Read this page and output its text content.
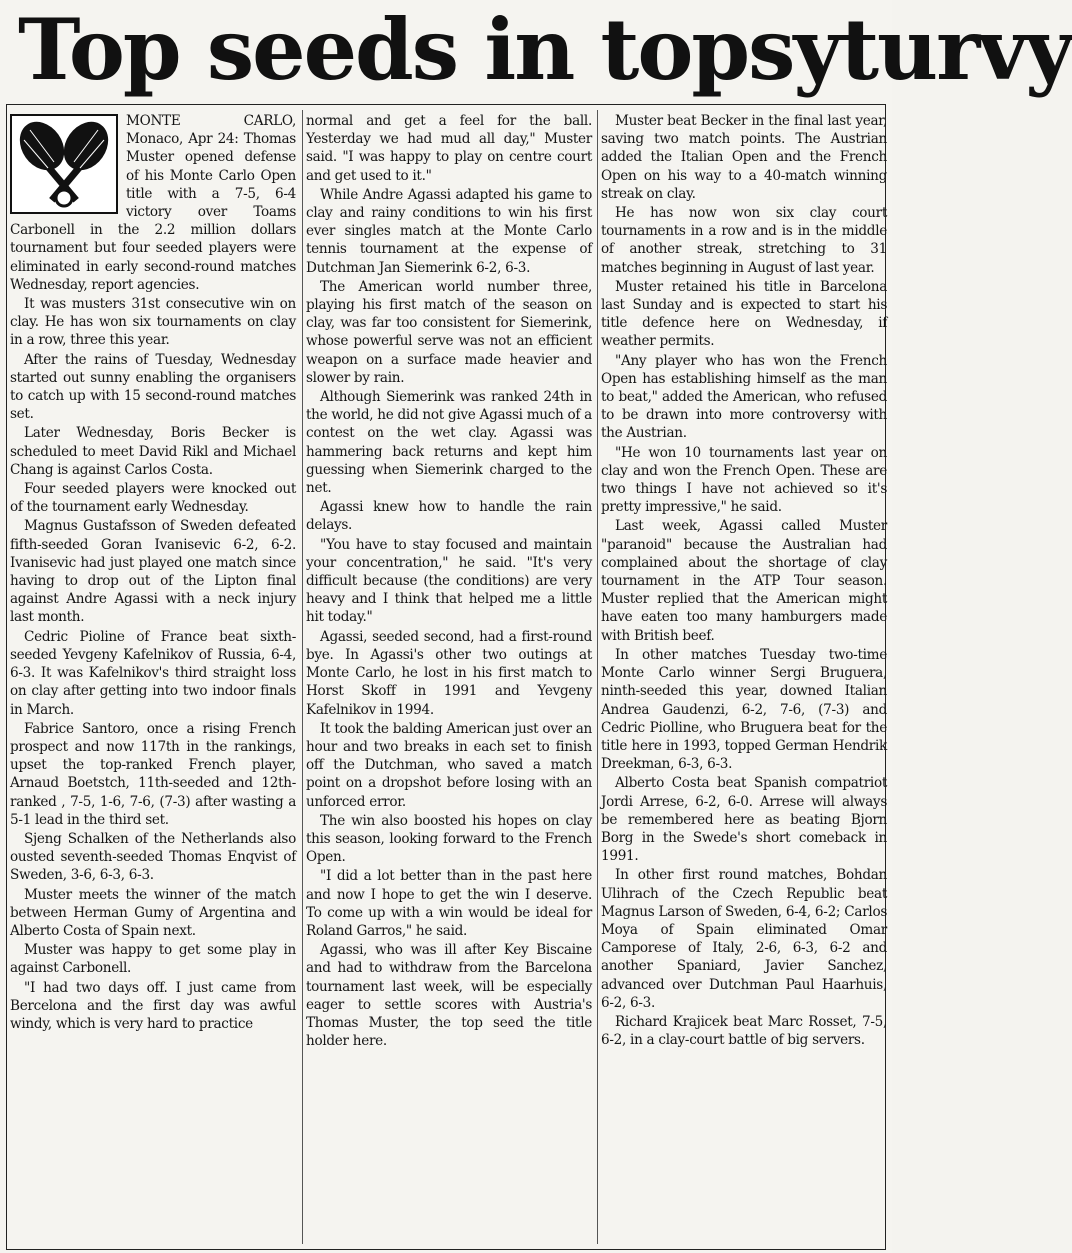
Top seeds in topsyturvy

MONTE CARLO, Monaco, Apr 24: Thomas Muster opened defense of his Monte Carlo Open title with a 7-5, 6-4 victory over Toams Carbonell in the 2.2 million dollars tournament but four seeded players were eliminated in early second-round matches Wednesday, report agencies.

It was musters 31st consecutive win on clay. He has won six tournaments on clay in a row, three this year.

After the rains of Tuesday, Wednesday started out sunny enabling the organisers to catch up with 15 second-round matches set.

Later Wednesday, Boris Becker is scheduled to meet David Rikl and Michael Chang is against Carlos Costa.

Four seeded players were knocked out of the tournament early Wednesday.

Magnus Gustafsson of Sweden defeated fifth-seeded Goran Ivanisevic 6-2, 6-2. Ivanisevic had just played one match since having to drop out of the Lipton final against Andre Agassi with a neck injury last month.

Cedric Pioline of France beat sixth-seeded Yevgeny Kafelnikov of Russia, 6-4, 6-3. It was Kafelnikov's third straight loss on clay after getting into two indoor finals in March.

Fabrice Santoro, once a rising French prospect and now 117th in the rankings, upset the top-ranked French player, Arnaud Boetstch, 11th-seeded and 12th-ranked , 7-5, 1-6, 7-6, (7-3) after wasting a 5-1 lead in the third set.

Sjeng Schalken of the Netherlands also ousted seventh-seeded Thomas Enqvist of Sweden, 3-6, 6-3, 6-3.

Muster meets the winner of the match between Herman Gumy of Argentina and Alberto Costa of Spain next.

Muster was happy to get some play in against Carbonell.

"I had two days off. I just came from Bercelona and the first day was awful windy, which is very hard to practice

normal and get a feel for the ball. Yesterday we had mud all day," Muster said. "I was happy to play on centre court and get used to it."

While Andre Agassi adapted his game to clay and rainy conditions to win his first ever singles match at the Monte Carlo tennis tournament at the expense of Dutchman Jan Siemerink 6-2, 6-3.

The American world number three, playing his first match of the season on clay, was far too consistent for Siemerink, whose powerful serve was not an efficient weapon on a surface made heavier and slower by rain.

Although Siemerink was ranked 24th in the world, he did not give Agassi much of a contest on the wet clay. Agassi was hammering back returns and kept him guessing when Siemerink charged to the net.

Agassi knew how to handle the rain delays.

"You have to stay focused and maintain your concentration," he said. "It's very difficult because (the conditions) are very heavy and I think that helped me a little hit today."

Agassi, seeded second, had a first-round bye. In Agassi's other two outings at Monte Carlo, he lost in his first match to Horst Skoff in 1991 and Yevgeny Kafelnikov in 1994.

It took the balding American just over an hour and two breaks in each set to finish off the Dutchman, who saved a match point on a dropshot before losing with an unforced error.

The win also boosted his hopes on clay this season, looking forward to the French Open.

"I did a lot better than in the past here and now I hope to get the win I deserve. To come up with a win would be ideal for Roland Garros," he said.

Agassi, who was ill after Key Biscaine and had to withdraw from the Barcelona tournament last week, will be especially eager to settle scores with Austria's Thomas Muster, the top seed the title holder here.

Muster beat Becker in the final last year, saving two match points. The Austrian added the Italian Open and the French Open on his way to a 40-match winning streak on clay.

He has now won six clay court tournaments in a row and is in the middle of another streak, stretching to 31 matches beginning in August of last year.

Muster retained his title in Barcelona last Sunday and is expected to start his title defence here on Wednesday, if weather permits.

"Any player who has won the French Open has establishing himself as the man to beat," added the American, who refused to be drawn into more controversy with the Austrian.

"He won 10 tournaments last year on clay and won the French Open. These are two things I have not achieved so it's pretty impressive," he said.

Last week, Agassi called Muster "paranoid" because the Australian had complained about the shortage of clay tournament in the ATP Tour season. Muster replied that the American might have eaten too many hamburgers made with British beef.

In other matches Tuesday two-time Monte Carlo winner Sergi Bruguera, ninth-seeded this year, downed Italian Andrea Gaudenzi, 6-2, 7-6, (7-3) and Cedric Piolline, who Bruguera beat for the title here in 1993, topped German Hendrik Dreekman, 6-3, 6-3.

Alberto Costa beat Spanish compatriot Jordi Arrese, 6-2, 6-0. Arrese will always be remembered here as beating Bjorn Borg in the Swede's short comeback in 1991.

In other first round matches, Bohdan Ulihrach of the Czech Republic beat Magnus Larson of Sweden, 6-4, 6-2; Carlos Moya of Spain eliminated Omar Camporese of Italy, 2-6, 6-3, 6-2 and another Spaniard, Javier Sanchez, advanced over Dutchman Paul Haarhuis, 6-2, 6-3.

Richard Krajicek beat Marc Rosset, 7-5, 6-2, in a clay-court battle of big servers.
